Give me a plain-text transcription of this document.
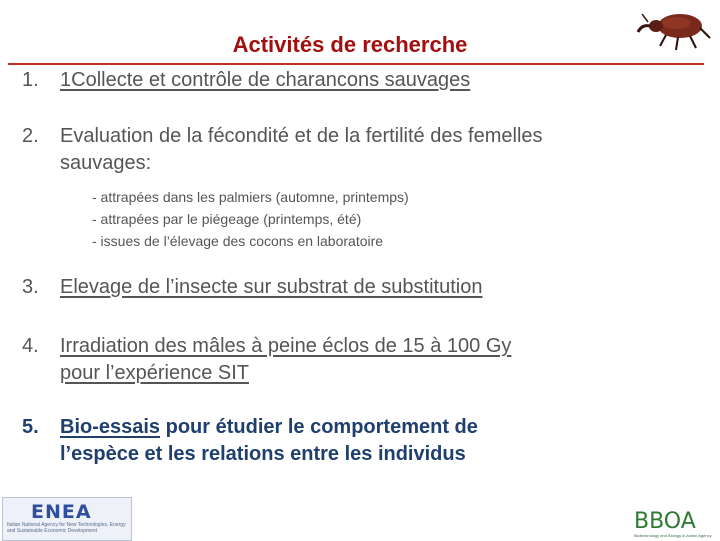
Activités de recherche
1. 1Collecte et contrôle de charancons sauvages
2. Evaluation de la fécondité et de la fertilité des femelles
sauvages:
- attrapées dans les palmiers (automne, printemps)
- attrapées par le piégeage (printemps, été)
- issues de l’élevage des cocons en laboratoire
3. Elevage de l’insecte sur substrat de substitution
4. Irradiation des mâles à peine éclos de 15 à 100 Gy
pour l’expérience SIT
5. Bio-essais pour étudier le comportement de
l’espèce et les relations entre les individus
ENEA
Italian National Agency for New Technologies, Energy and Sustainable Economic Development	BBOA
Biotechnology and Biology in Action Agency
